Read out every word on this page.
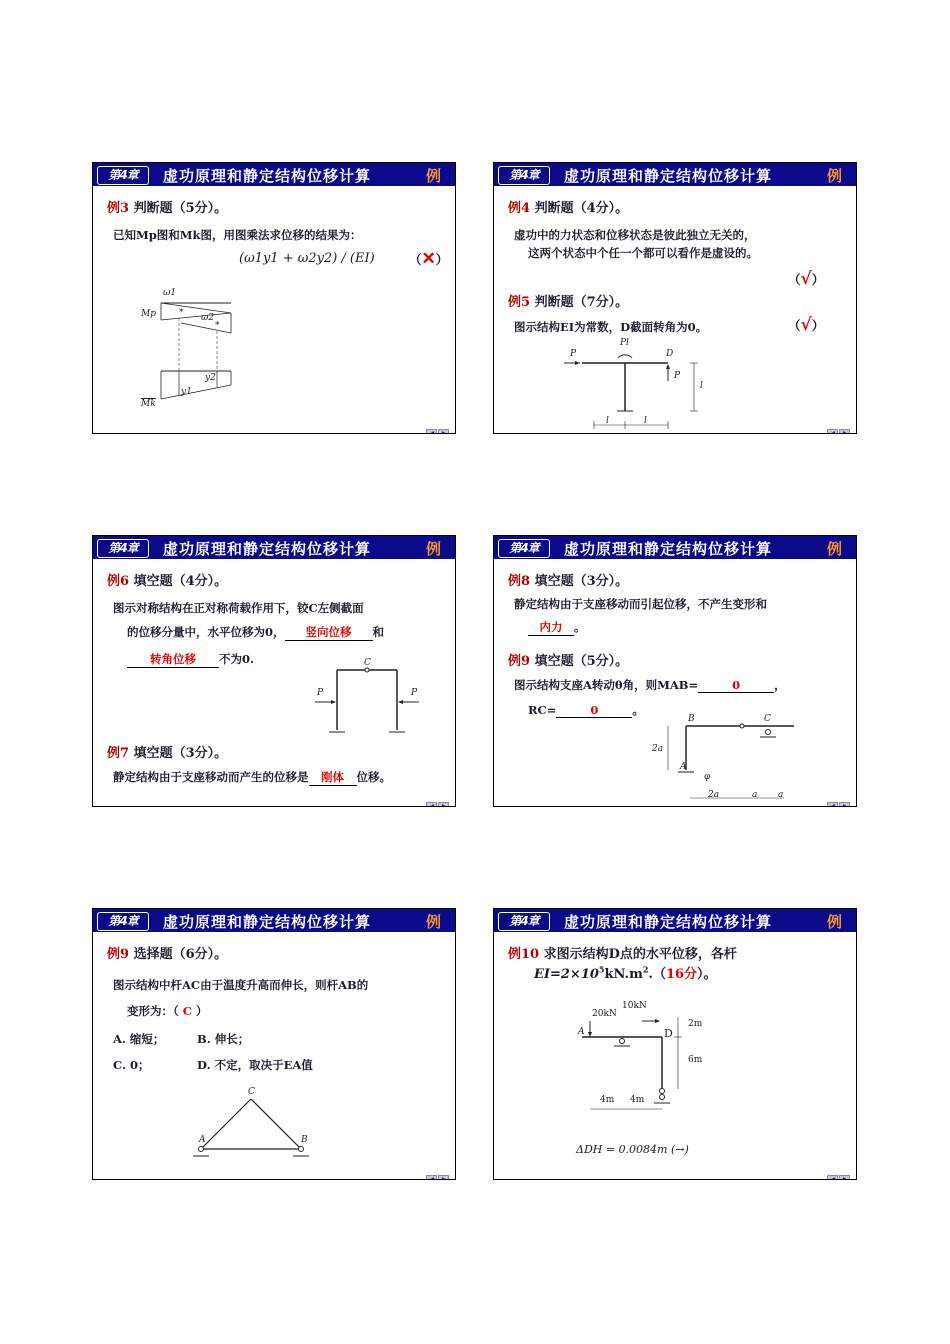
第4章	虚功原理和静定结构位移计算	例
例3 判断题（5分）。
已知Mp图和Mk图，用图乘法求位移的结果为：
(ω1y1 + ω2y2) / (EI)	（✕）
*
*
ω1
ω2
Mp
$\overline{Mk}$
y1
y2
第4章	虚功原理和静定结构位移计算	例
例4 判断题（4分）。
虚功中的力状态和位移状态是彼此独立无关的，
这两个状态中个任一个都可以看作是虚设的。
（√）
例5 判断题（7分）。
图示结构EI为常数，D截面转角为0。	（√）
Pl
P
P
D
l
l	l
第4章	虚功原理和静定结构位移计算	例
例6 填空题（4分）。
图示对称结构在正对称荷载作用下，铰C左侧截面
的位移分量中，水平位移为0， 竖向位移 和
转角位移 不为0.	C
P	P
例7 填空题（3分）。
静定结构由于支座移动而产生的位移是 刚体 位移。
第4章	虚功原理和静定结构位移计算	例
例8 填空题（3分）。
静定结构由于支座移动而引起位移，不产生变形和
内力 。
例9 填空题（5分）。
图示结构支座A转动θ角，则MAB=	0	，
RC=	0	。
B	C
A
φ
2a
2a	a a
第4章	虚功原理和静定结构位移计算	例
例9 选择题（6分）。
图示结构中杆AC由于温度升高而伸长，则杆AB的
变形为：（ C ）
A. 缩短；	B. 伸长；
C. 0；	D. 不定，取决于EA值
C
A	B
第4章	虚功原理和静定结构位移计算	例
例10 求图示结构D点的水平位移，各杆
$EI=2\times 10^5kN.m^2.(16$分）。
20kN
10kN
A	D
2m
6m
4m 4m
ΔDH = 0.0084m (→)
